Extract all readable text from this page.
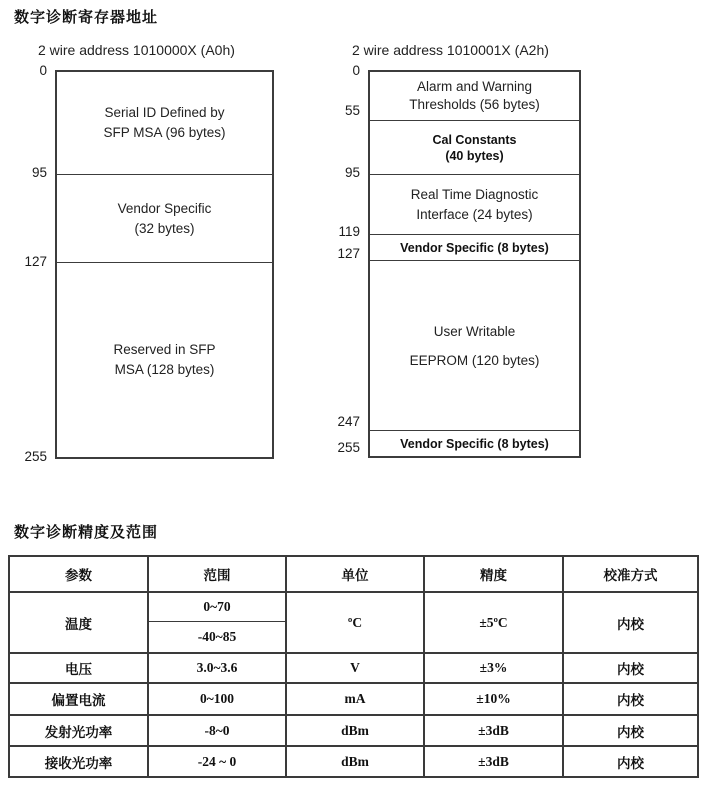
数字诊断寄存器地址
2 wire address 1010000X (A0h)
Serial ID Defined by
SFP MSA (96 bytes)
Vendor Specific
(32 bytes)
Reserved in SFP
MSA (128 bytes)
0
95
127
255
2 wire address 1010001X (A2h)
Alarm and Warning
Thresholds (56 bytes)
Cal Constants
(40 bytes)
Real Time Diagnostic
Interface (24 bytes)
Vendor Specific (8 bytes)
User Writable
EEPROM (120 bytes)
Vendor Specific (8 bytes)
0
55
95
119
127
247
255
数字诊断精度及范围
参数	范围	单位	精度	校准方式
温度	0~70	ºC	±5ºC	内校
	-40~85			
电压	3.0~3.6	V	±3%	内校
偏置电流	0~100	mA	±10%	内校
发射光功率	-8~0	dBm	±3dB	内校
接收光功率	-24 ~ 0	dBm	±3dB	内校
